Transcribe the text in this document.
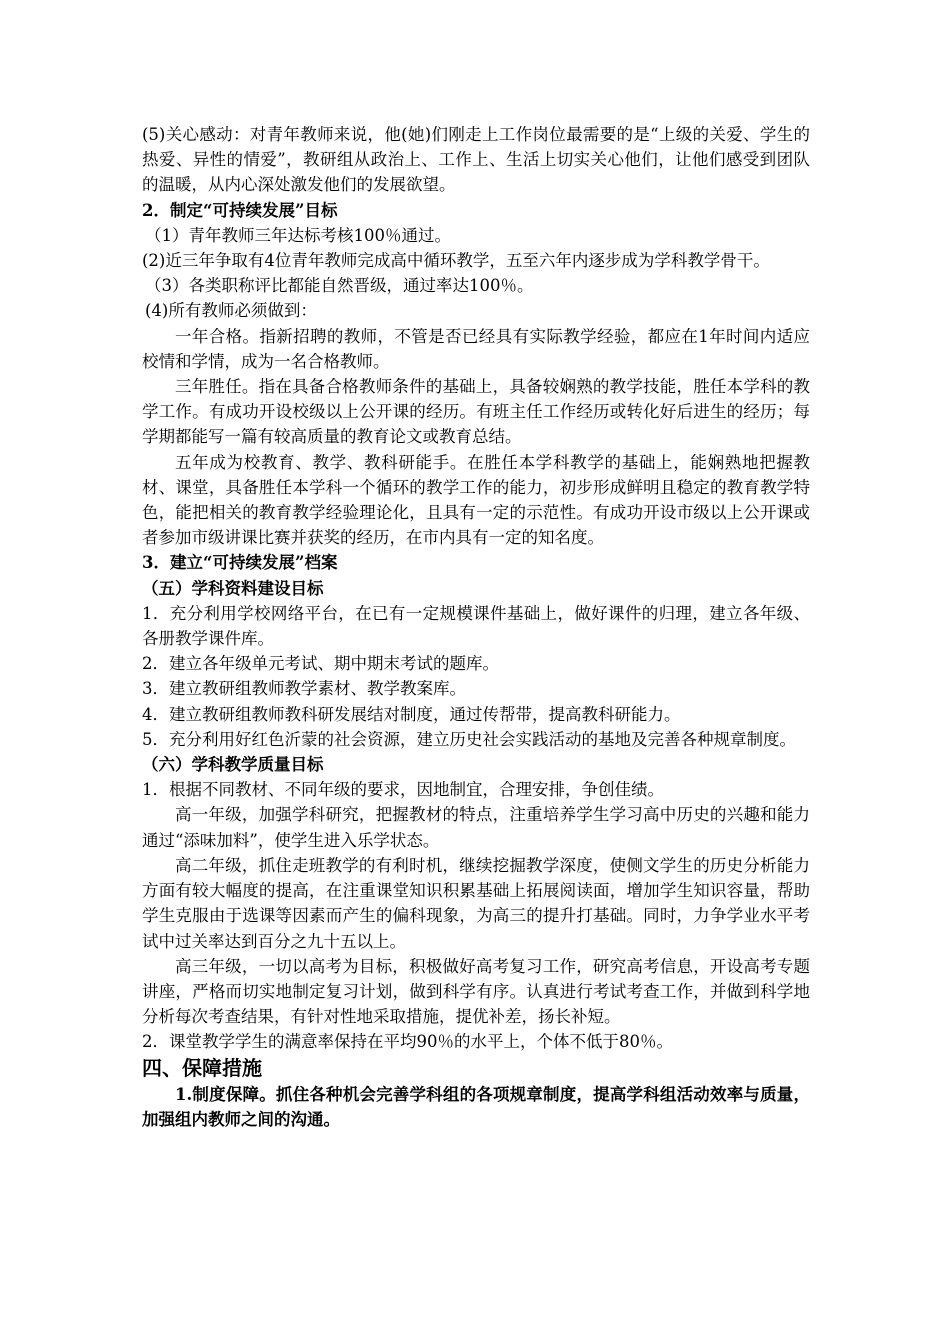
(5)关心感动：对青年教师来说，他(她)们刚走上工作岗位最需要的是“上级的关爱、学生的热爱、异性的情爱”，教研组从政治上、工作上、生活上切实关心他们，让他们感受到团队的温暖，从内心深处激发他们的发展欲望。

2．制定“可持续发展”目标

（1）青年教师三年达标考核100％通过。

(2)近三年争取有4位青年教师完成高中循环教学，五至六年内逐步成为学科教学骨干。

（3）各类职称评比都能自然晋级，通过率达100％。

(4)所有教师必须做到：

一年合格。指新招聘的教师，不管是否已经具有实际教学经验，都应在1年时间内适应校情和学情，成为一名合格教师。

三年胜任。指在具备合格教师条件的基础上，具备较娴熟的教学技能，胜任本学科的教学工作。有成功开设校级以上公开课的经历。有班主任工作经历或转化好后进生的经历；每学期都能写一篇有较高质量的教育论文或教育总结。

五年成为校教育、教学、教科研能手。在胜任本学科教学的基础上，能娴熟地把握教材、课堂，具备胜任本学科一个循环的教学工作的能力，初步形成鲜明且稳定的教育教学特色，能把相关的教育教学经验理论化，且具有一定的示范性。有成功开设市级以上公开课或者参加市级讲课比赛并获奖的经历，在市内具有一定的知名度。

3．建立“可持续发展”档案

（五）学科资料建设目标

1．充分利用学校网络平台，在已有一定规模课件基础上，做好课件的归理，建立各年级、各册教学课件库。

2．建立各年级单元考试、期中期末考试的题库。

3．建立教研组教师教学素材、教学教案库。

4．建立教研组教师教科研发展结对制度，通过传帮带，提高教科研能力。

5．充分利用好红色沂蒙的社会资源，建立历史社会实践活动的基地及完善各种规章制度。

（六）学科教学质量目标

1．根据不同教材、不同年级的要求，因地制宜，合理安排，争创佳绩。

高一年级，加强学科研究，把握教材的特点，注重培养学生学习高中历史的兴趣和能力通过“添味加料”，使学生进入乐学状态。

高二年级，抓住走班教学的有利时机，继续挖掘教学深度，使侧文学生的历史分析能力方面有较大幅度的提高，在注重课堂知识积累基础上拓展阅读面，增加学生知识容量，帮助学生克服由于选课等因素而产生的偏科现象，为高三的提升打基础。同时，力争学业水平考试中过关率达到百分之九十五以上。

高三年级，一切以高考为目标，积极做好高考复习工作，研究高考信息，开设高考专题讲座，严格而切实地制定复习计划，做到科学有序。认真进行考试考查工作，并做到科学地分析每次考查结果，有针对性地采取措施，提优补差，扬长补短。

2．课堂教学学生的满意率保持在平均90％的水平上，个体不低于80％。

四、保障措施

1.制度保障。抓住各种机会完善学科组的各项规章制度，提高学科组活动效率与质量，加强组内教师之间的沟通。
